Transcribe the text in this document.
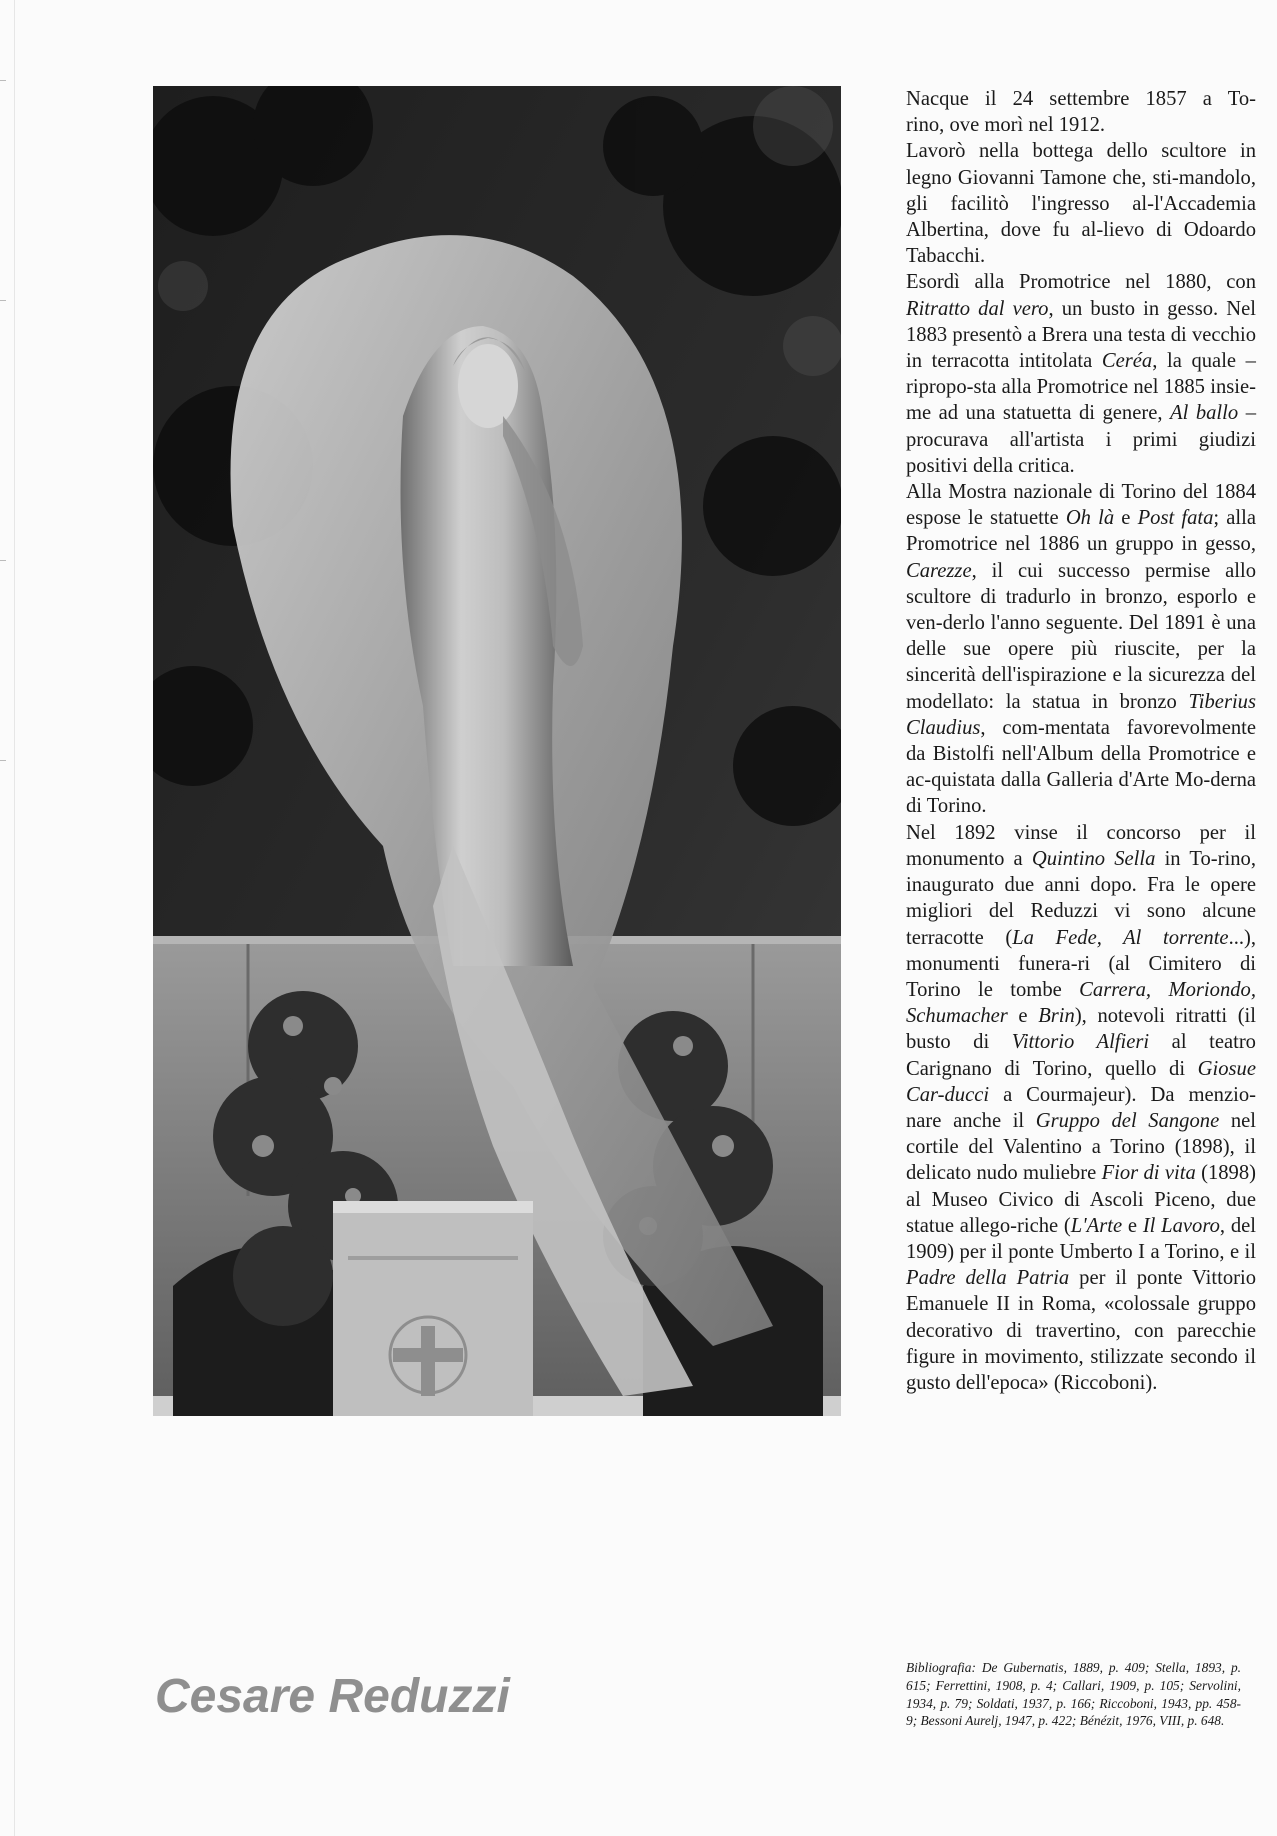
Nacque il 24 settembre 1857 a To-

rino, ove morì nel 1912.

Lavorò nella bottega dello scultore in legno Giovanni Tamone che, sti-mandolo, gli facilitò l'ingresso al-l'Accademia Albertina, dove fu al-lievo di Odoardo Tabacchi.

Esordì alla Promotrice nel 1880, con Ritratto dal vero, un busto in gesso. Nel 1883 presentò a Brera una testa di vecchio in terracotta intitolata Ceréa, la quale – ripropo-sta alla Promotrice nel 1885 insie-me ad una statuetta di genere, Al ballo – procurava all'artista i primi giudizi positivi della critica.

Alla Mostra nazionale di Torino del 1884 espose le statuette Oh là e Post fata; alla Promotrice nel 1886 un gruppo in gesso, Carezze, il cui successo permise allo scultore di tradurlo in bronzo, esporlo e ven-derlo l'anno seguente. Del 1891 è una delle sue opere più riuscite, per la sincerità dell'ispirazione e la sicurezza del modellato: la statua in bronzo Tiberius Claudius, com-mentata favorevolmente da Bistolfi nell'Album della Promotrice e ac-quistata dalla Galleria d'Arte Mo-derna di Torino.

Nel 1892 vinse il concorso per il monumento a Quintino Sella in To-rino, inaugurato due anni dopo. Fra le opere migliori del Reduzzi vi sono alcune terracotte (La Fede, Al torrente...), monumenti funera-ri (al Cimitero di Torino le tombe Carrera, Moriondo, Schumacher e Brin), notevoli ritratti (il busto di Vittorio Alfieri al teatro Carignano di Torino, quello di Giosue Car-ducci a Courmajeur). Da menzio-nare anche il Gruppo del Sangone nel cortile del Valentino a Torino (1898), il delicato nudo muliebre Fior di vita (1898) al Museo Civico di Ascoli Piceno, due statue allego-riche (L'Arte e Il Lavoro, del 1909) per il ponte Umberto I a Torino, e il Padre della Patria per il ponte Vittorio Emanuele II in Roma, «colossale gruppo decorativo di travertino, con parecchie figure in movimento, stilizzate secondo il gusto dell'epoca» (Riccoboni).

Bibliografia: De Gubernatis, 1889, p. 409; Stella, 1893, p. 615; Ferrettini, 1908, p. 4; Callari, 1909, p. 105; Servolini, 1934, p. 79; Soldati, 1937, p. 166; Riccoboni, 1943, pp. 458-9; Bessoni Aurelj, 1947, p. 422; Bénézit, 1976, VIII, p. 648.
Cesare Reduzzi
